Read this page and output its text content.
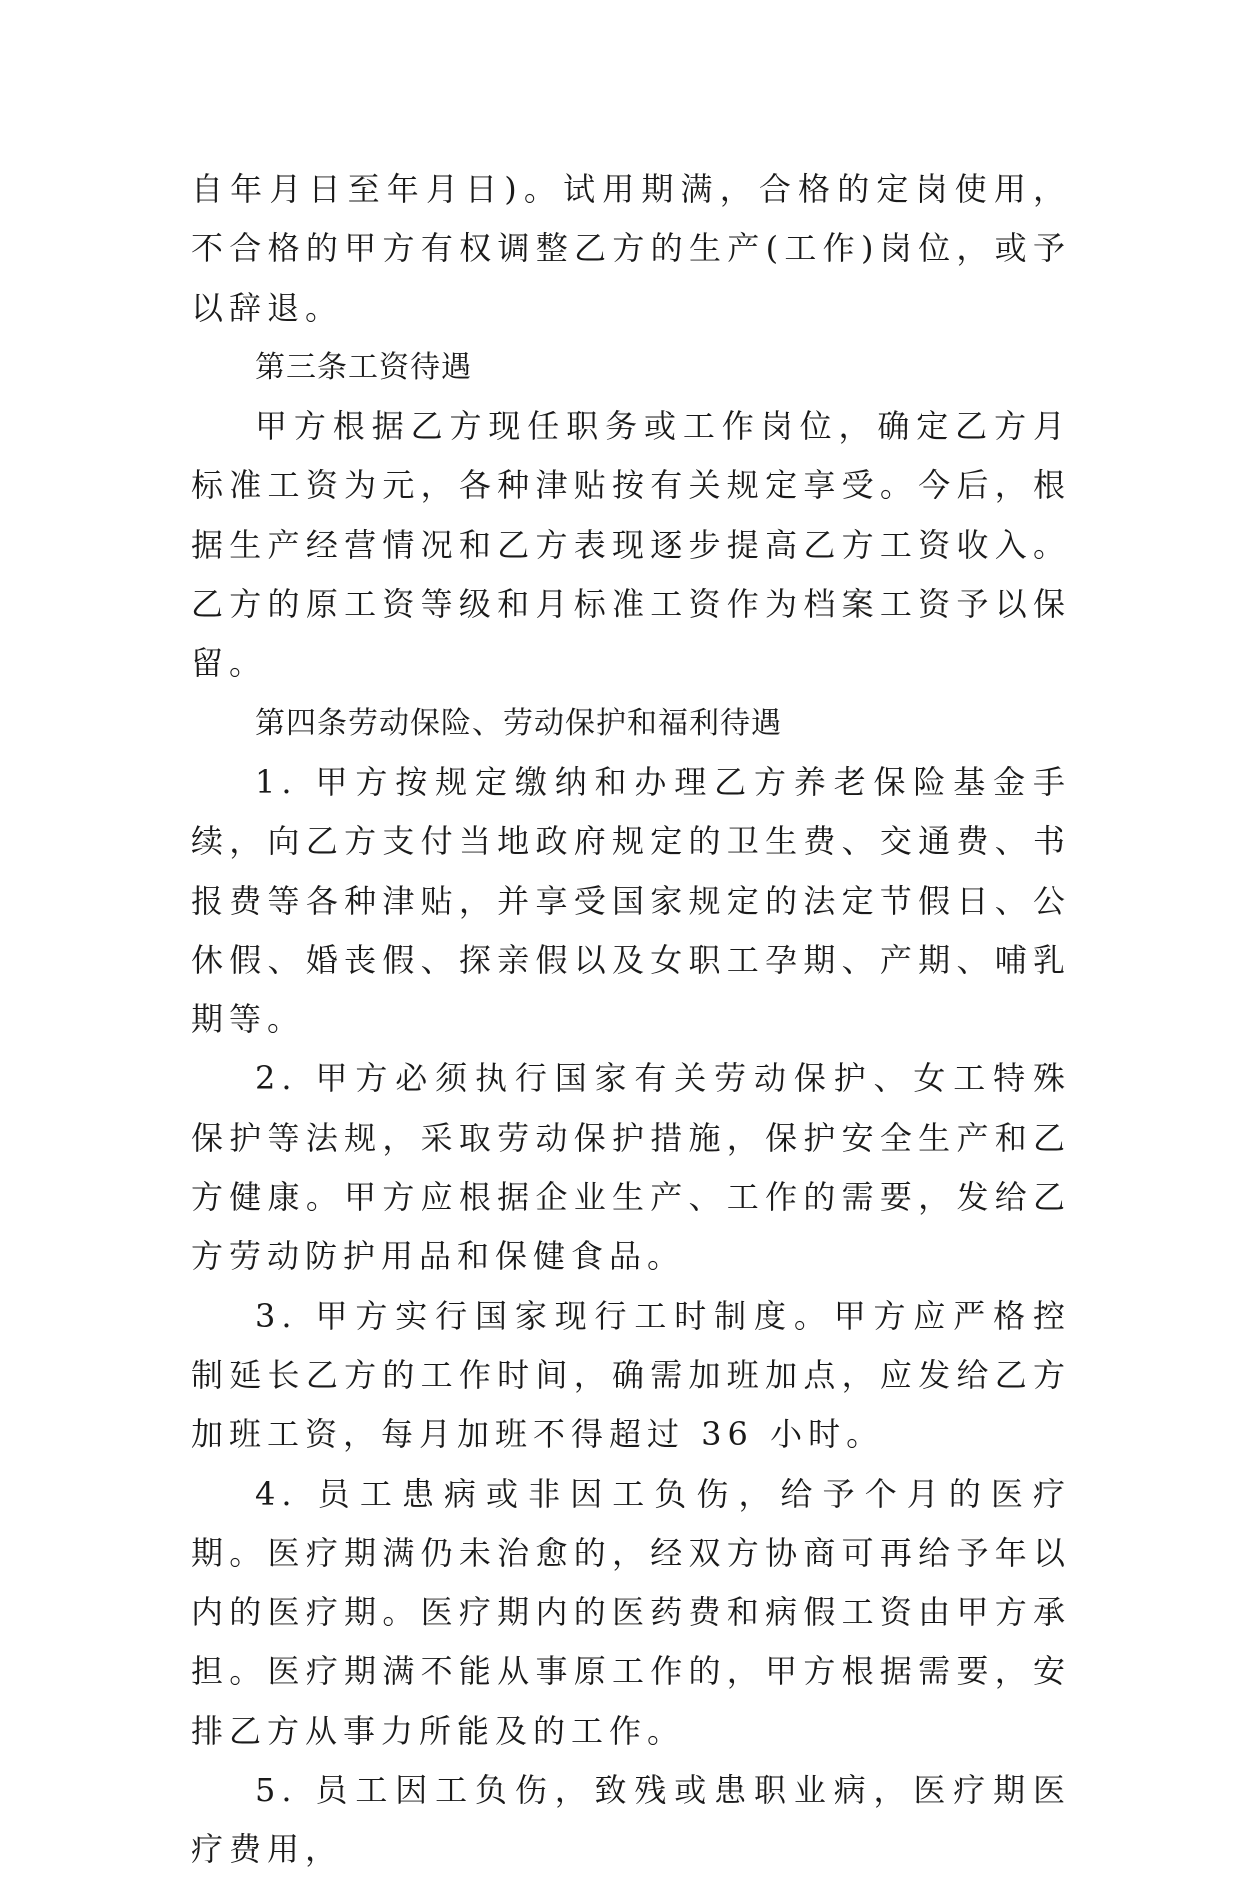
自年月日至年月日)。试用期满，合格的定岗使用，不合格的甲方有权调整乙方的生产(工作)岗位，或予以辞退。

第三条工资待遇

甲方根据乙方现任职务或工作岗位，确定乙方月标准工资为元，各种津贴按有关规定享受。今后，根据生产经营情况和乙方表现逐步提高乙方工资收入。乙方的原工资等级和月标准工资作为档案工资予以保留。

第四条劳动保险、劳动保护和福利待遇

1. 甲方按规定缴纳和办理乙方养老保险基金手续，向乙方支付当地政府规定的卫生费、交通费、书报费等各种津贴，并享受国家规定的法定节假日、公休假、婚丧假、探亲假以及女职工孕期、产期、哺乳期等。

2. 甲方必须执行国家有关劳动保护、女工特殊保护等法规，采取劳动保护措施，保护安全生产和乙方健康。甲方应根据企业生产、工作的需要，发给乙方劳动防护用品和保健食品。

3. 甲方实行国家现行工时制度。甲方应严格控制延长乙方的工作时间，确需加班加点，应发给乙方加班工资，每月加班不得超过 36 小时。

4. 员工患病或非因工负伤，给予个月的医疗期。医疗期满仍未治愈的，经双方协商可再给予年以内的医疗期。医疗期内的医药费和病假工资由甲方承担。医疗期满不能从事原工作的，甲方根据需要，安排乙方从事力所能及的工作。

5. 员工因工负伤，致残或患职业病，医疗期医疗费用，
